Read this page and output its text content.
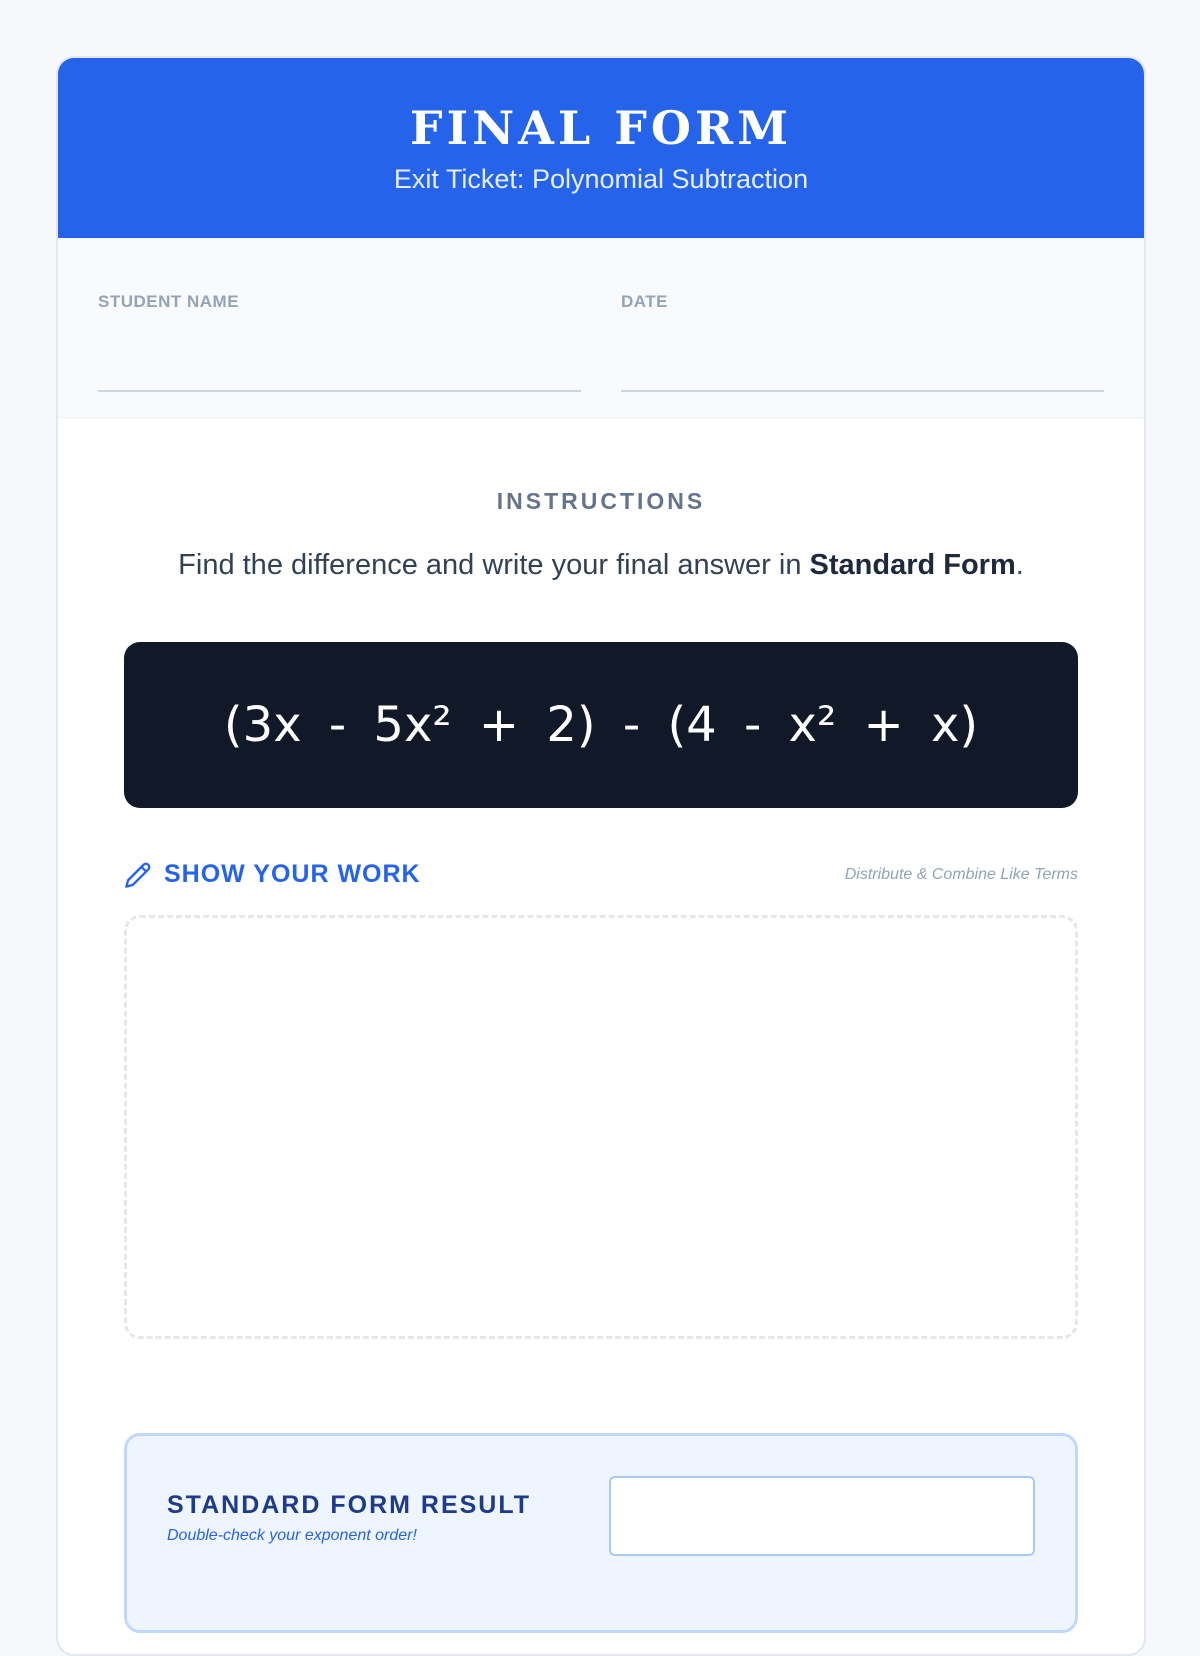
FINAL FORM
Exit Ticket: Polynomial Subtraction
STUDENT NAME	DATE
INSTRUCTIONS
Find the difference and write your final answer in Standard Form.
(3x - 5x² + 2) - (4 - x² + x)
SHOW YOUR WORK	Distribute & Combine Like Terms
STANDARD FORM RESULT
Double-check your exponent order!
